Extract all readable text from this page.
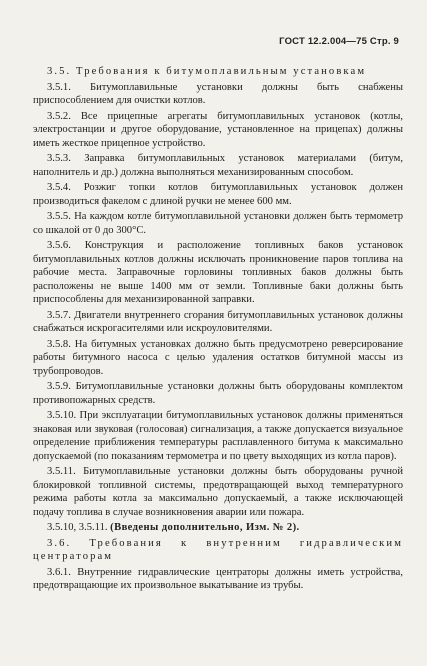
ГОСТ 12.2.004—75 Стр. 9

3.5. Требования к битумоплавильным установкам

3.5.1. Битумоплавильные установки должны быть снабжены приспособлением для очистки котлов.

3.5.2. Все прицепные агрегаты битумоплавильных установок (котлы, электростанции и другое оборудование, установленное на прицепах) должны иметь жесткое прицепное устройство.

3.5.3. Заправка битумоплавильных установок материалами (битум, наполнитель и др.) должна выполняться механизированным способом.

3.5.4. Розжиг топки котлов битумоплавильных установок должен производиться факелом с длиной ручки не менее 600 мм.

3.5.5. На каждом котле битумоплавильной установки должен быть термометр со шкалой от 0 до 300°С.

3.5.6. Конструкция и расположение топливных баков установок битумоплавильных котлов должны исключать проникновение паров топлива на рабочие места. Заправочные горловины топливных баков должны быть расположены не выше 1400 мм от земли. Топливные баки должны быть приспособлены для механизированной заправки.

3.5.7. Двигатели внутреннего сгорания битумоплавильных установок должны снабжаться искрогасителями или искроуловителями.

3.5.8. На битумных установках должно быть предусмотрено реверсирование работы битумного насоса с целью удаления остатков битумной массы из трубопроводов.

3.5.9. Битумоплавильные установки должны быть оборудованы комплектом противопожарных средств.

3.5.10. При эксплуатации битумоплавильных установок должны применяться знаковая или звуковая (голосовая) сигнализация, а также допускается визуальное определение приближения температуры расплавленного битума к максимально допускаемой (по показаниям термометра и по цвету выходящих из котла паров).

3.5.11. Битумоплавильные установки должны быть оборудованы ручной блокировкой топливной системы, предотвращающей выход температурного режима работы котла за максимально допускаемый, а также исключающей подачу топлива в случае возникновения аварии или пожара.

3.5.10, 3.5.11. (Введены дополнительно, Изм. № 2).

3.6. Требования к внутренним гидравлическим центраторам

3.6.1. Внутренние гидравлические центраторы должны иметь устройства, предотвращающие их произвольное выкатывание из трубы.
